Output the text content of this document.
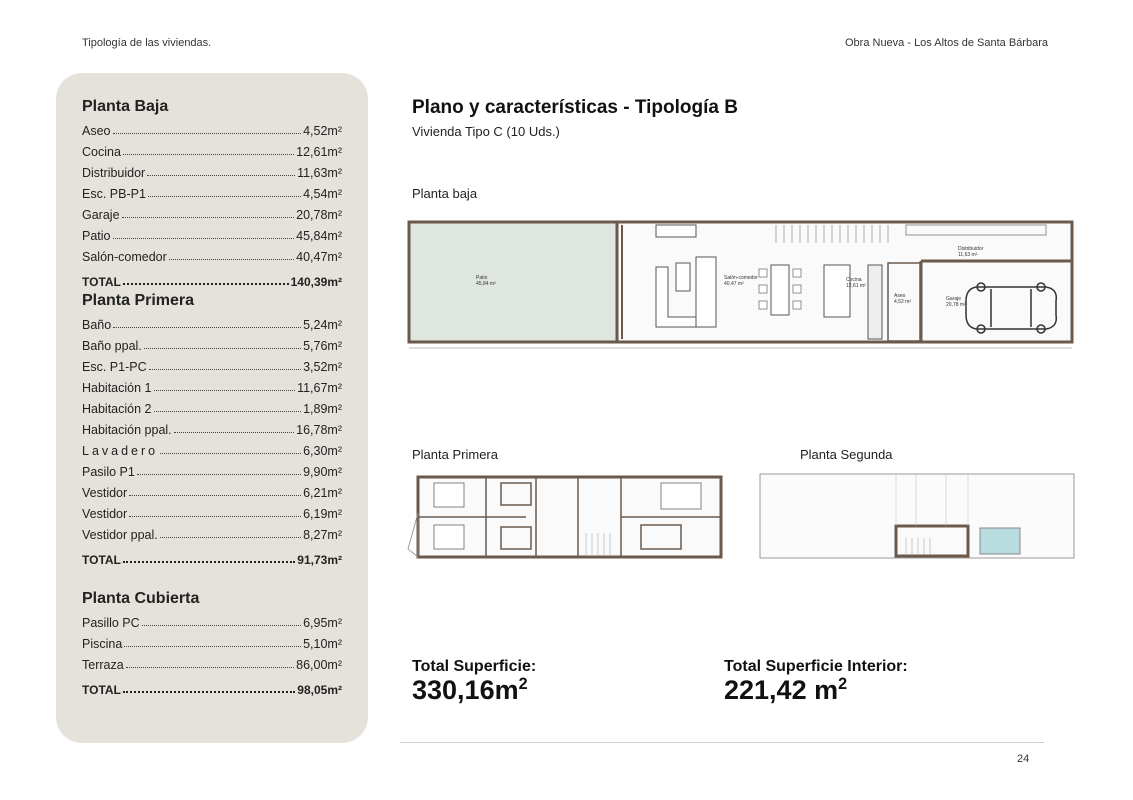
Tipología de las viviendas.	Obra Nueva - Los Altos de Santa Bárbara
Planta Baja
Aseo	4,52m²
Cocina	12,61m²
Distribuidor	11,63m²
Esc. PB-P1	4,54m²
Garaje	20,78m²
Patio	45,84m²
Salón-comedor	40,47m²
TOTAL	140,39m²
Planta Primera
Baño	5,24m²
Baño ppal.	5,76m²
Esc. P1-PC	3,52m²
Habitación 1	11,67m²
Habitación 2	1,89m²
Habitación ppal.	16,78m²
Lavadero	6,30m²
Pasilo P1	9,90m²
Vestidor	6,21m²
Vestidor	6,19m²
Vestidor ppal.	8,27m²
TOTAL	91,73m²
Planta Cubierta
Pasillo PC	6,95m²
Piscina	5,10m²
Terraza	86,00m²
TOTAL	98,05m²
Plano y características - Tipología B
Vivienda Tipo C (10 Uds.)
Planta baja
Patio
45,84 m²
Salón-comedor
40,47 m²
Cocina
12,61 m²
Aseo
4,52 m²	Garaje
20,78 m²
Distribuidor
11,63 m²
Planta Primera	Planta Segunda
Total Superficie:
$330,16m^2$
Total Superficie Interior:
221,42 $m^2$
24
